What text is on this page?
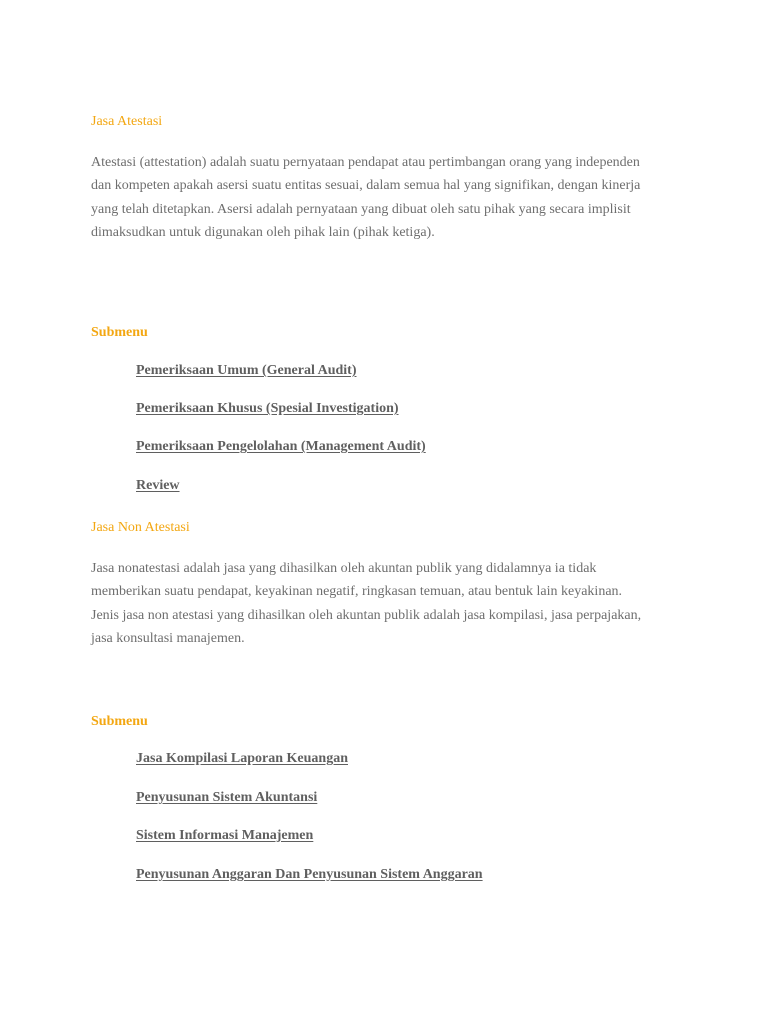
Jasa Atestasi

Atestasi (attestation) adalah suatu pernyataan pendapat atau pertimbangan orang yang independen dan kompeten apakah asersi suatu entitas sesuai, dalam semua hal yang signifikan, dengan kinerja yang telah ditetapkan. Asersi adalah pernyataan yang dibuat oleh satu pihak yang secara implisit dimaksudkan untuk digunakan oleh pihak lain (pihak ketiga).

Submenu
Pemeriksaan Umum (General Audit)
Pemeriksaan Khusus (Spesial Investigation)
Pemeriksaan Pengelolahan (Management Audit)
Review
Jasa Non Atestasi

Jasa nonatestasi adalah jasa yang dihasilkan oleh akuntan publik yang didalamnya ia tidak memberikan suatu pendapat, keyakinan negatif, ringkasan temuan, atau bentuk lain keyakinan. Jenis jasa non atestasi yang dihasilkan oleh akuntan publik adalah jasa kompilasi, jasa perpajakan, jasa konsultasi manajemen.

Submenu
Jasa Kompilasi Laporan Keuangan
Penyusunan Sistem Akuntansi
Sistem Informasi Manajemen
Penyusunan Anggaran Dan Penyusunan Sistem Anggaran
